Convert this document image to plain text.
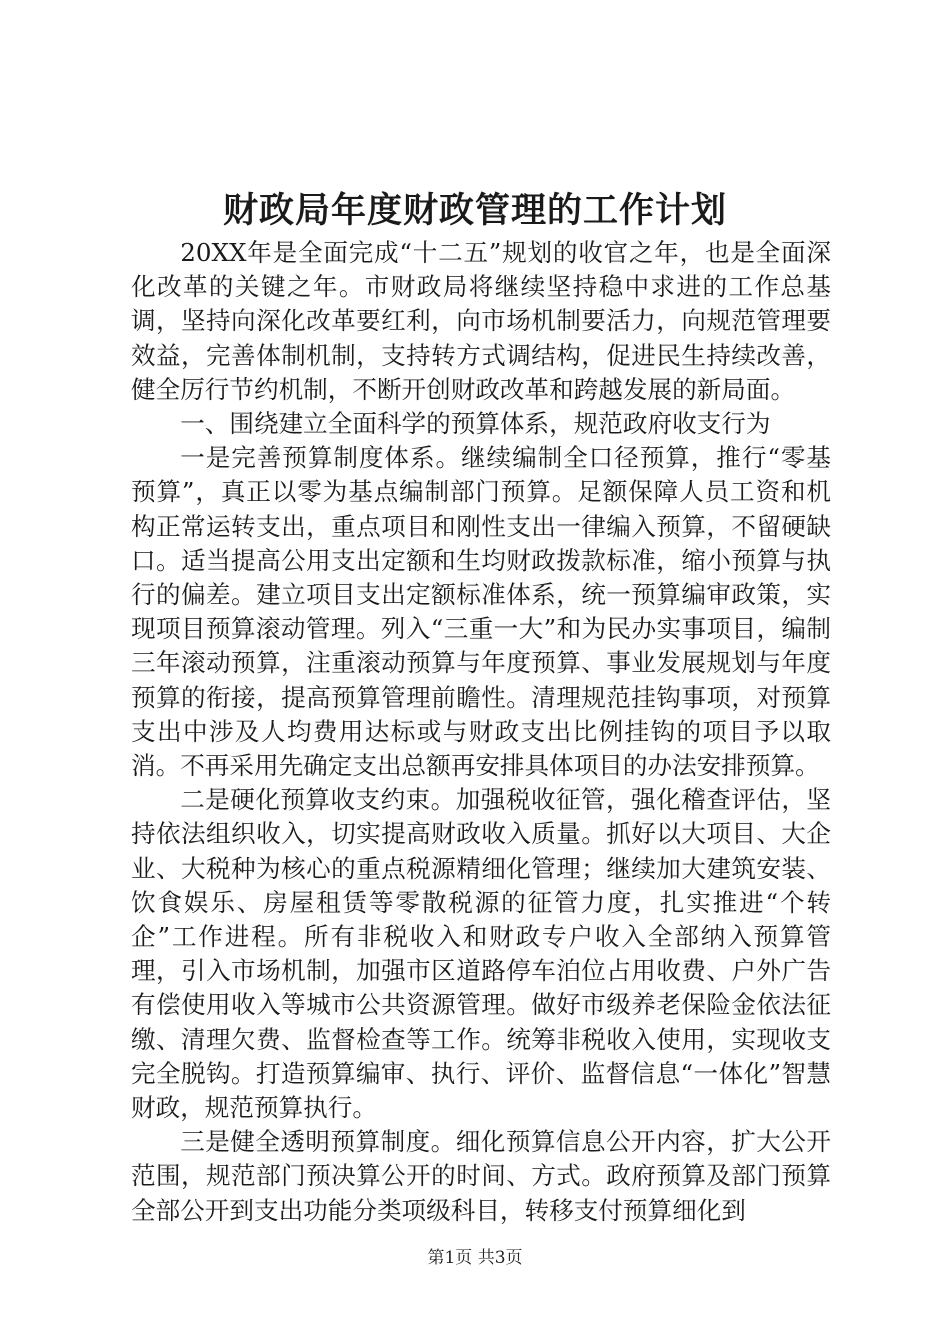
财政局年度财政管理的工作计划

20XX年是全面完成“十二五”规划的收官之年，也是全面深化改革的关键之年。市财政局将继续坚持稳中求进的工作总基调，坚持向深化改革要红利，向市场机制要活力，向规范管理要效益，完善体制机制，支持转方式调结构，促进民生持续改善，健全厉行节约机制，不断开创财政改革和跨越发展的新局面。

一、围绕建立全面科学的预算体系，规范政府收支行为

一是完善预算制度体系。继续编制全口径预算，推行“零基预算”，真正以零为基点编制部门预算。足额保障人员工资和机构正常运转支出，重点项目和刚性支出一律编入预算，不留硬缺口。适当提高公用支出定额和生均财政拨款标准，缩小预算与执行的偏差。建立项目支出定额标准体系，统一预算编审政策，实现项目预算滚动管理。列入“三重一大”和为民办实事项目，编制三年滚动预算，注重滚动预算与年度预算、事业发展规划与年度预算的衔接，提高预算管理前瞻性。清理规范挂钩事项，对预算支出中涉及人均费用达标或与财政支出比例挂钩的项目予以取消。不再采用先确定支出总额再安排具体项目的办法安排预算。

二是硬化预算收支约束。加强税收征管，强化稽查评估，坚持依法组织收入，切实提高财政收入质量。抓好以大项目、大企业、大税种为核心的重点税源精细化管理；继续加大建筑安装、饮食娱乐、房屋租赁等零散税源的征管力度，扎实推进“个转企”工作进程。所有非税收入和财政专户收入全部纳入预算管理，引入市场机制，加强市区道路停车泊位占用收费、户外广告有偿使用收入等城市公共资源管理。做好市级养老保险金依法征缴、清理欠费、监督检查等工作。统筹非税收入使用，实现收支完全脱钩。打造预算编审、执行、评价、监督信息“一体化”智慧财政，规范预算执行。

三是健全透明预算制度。细化预算信息公开内容，扩大公开范围，规范部门预决算公开的时间、方式。政府预算及部门预算全部公开到支出功能分类项级科目，转移支付预算细化到

第1页 共3页
